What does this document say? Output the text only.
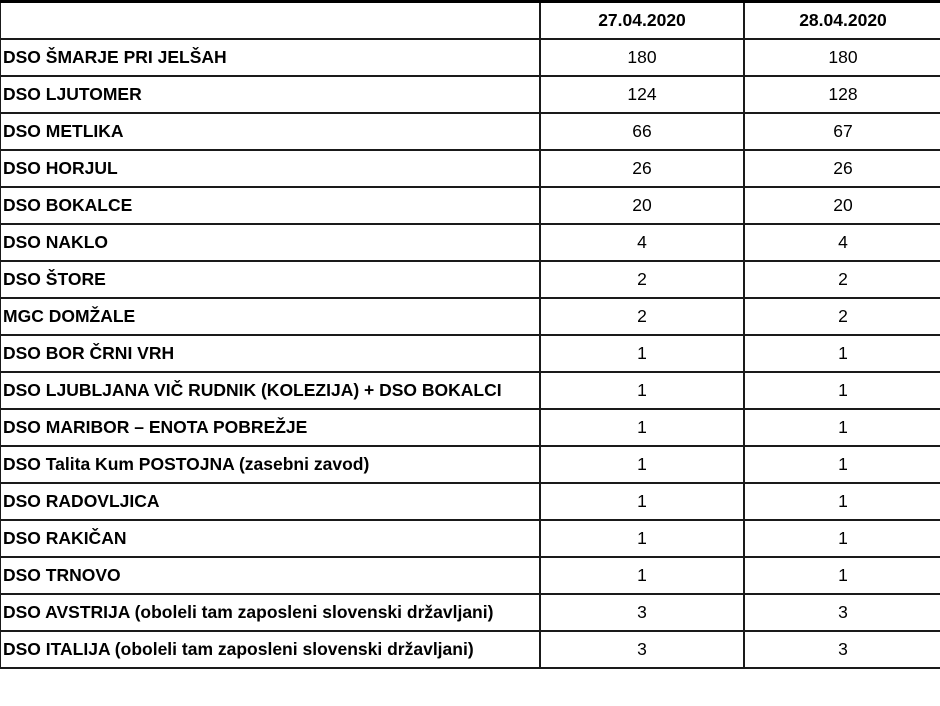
	27.04.2020	28.04.2020
DSO ŠMARJE PRI JELŠAH	180	180
DSO LJUTOMER	124	128
DSO METLIKA	66	67
DSO HORJUL	26	26
DSO BOKALCE	20	20
DSO NAKLO	4	4
DSO ŠTORE	2	2
MGC DOMŽALE	2	2
DSO BOR ČRNI VRH	1	1
DSO LJUBLJANA VIČ RUDNIK (KOLEZIJA) + DSO BOKALCI	1	1
DSO MARIBOR – ENOTA POBREŽJE	1	1
DSO Talita Kum POSTOJNA (zasebni zavod)	1	1
DSO RADOVLJICA	1	1
DSO RAKIČAN	1	1
DSO TRNOVO	1	1
DSO AVSTRIJA (oboleli tam zaposleni slovenski državljani)	3	3
DSO ITALIJA (oboleli tam zaposleni slovenski državljani)	3	3
